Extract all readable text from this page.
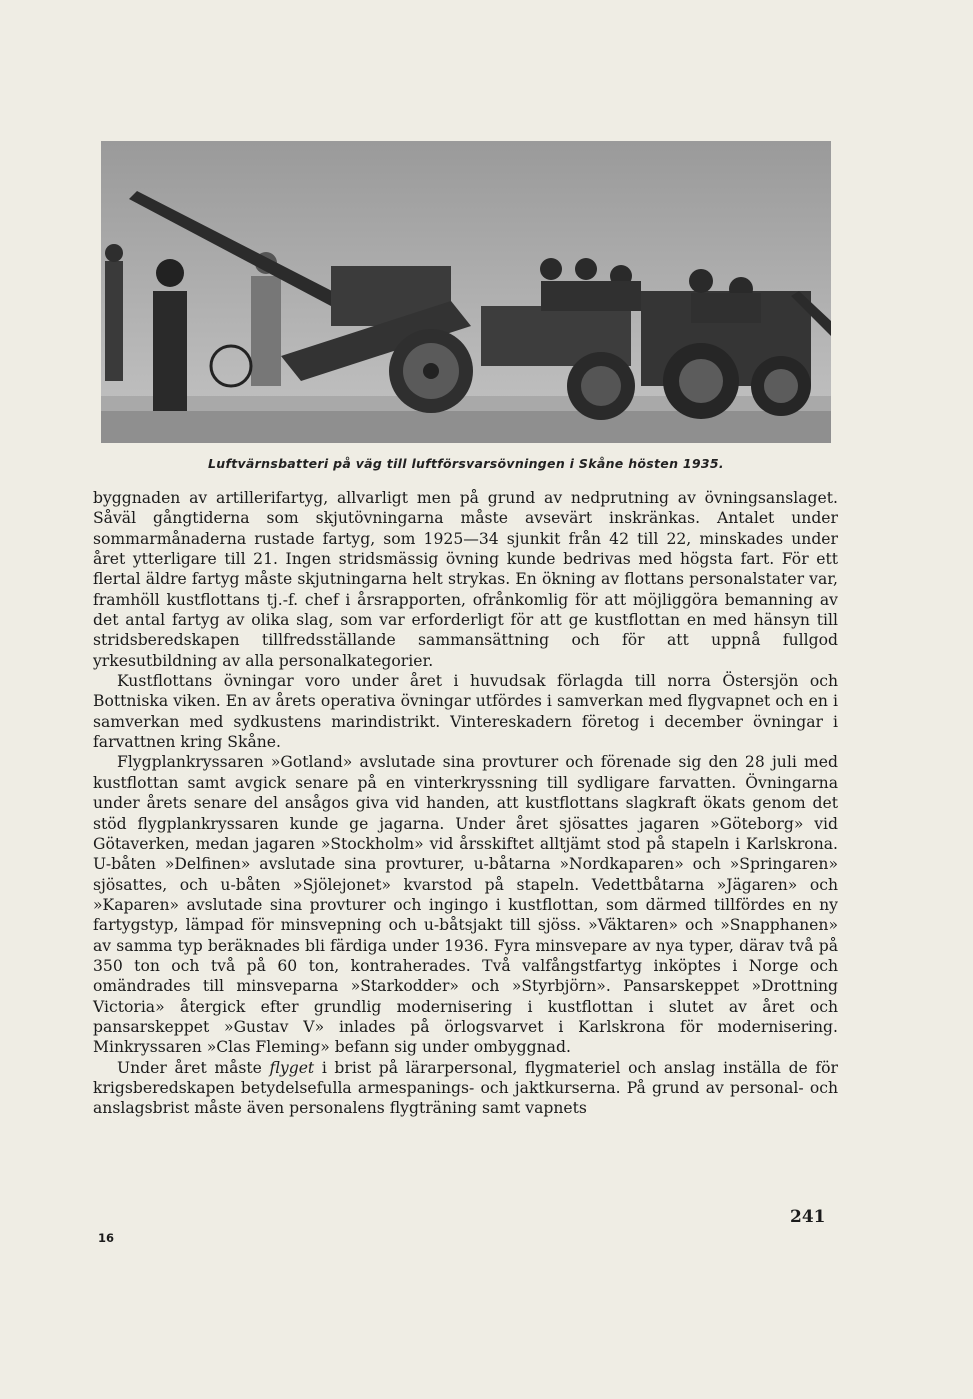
Luftvärnsbatteri på väg till luftförsvarsövningen i Skåne hösten 1935.

byggnaden av artillerifartyg, allvarligt men på grund av nedprutning av övningsanslaget. Såväl gångtiderna som skjutövningarna måste avsevärt inskränkas. Antalet under sommarmånaderna rustade fartyg, som 1925—34 sjunkit från 42 till 22, minskades under året ytterligare till 21. Ingen stridsmässig övning kunde bedrivas med högsta fart. För ett flertal äldre fartyg måste skjutningarna helt strykas. En ökning av flottans personalstater var, framhöll kustflottans tj.-f. chef i årsrapporten, ofrånkomlig för att möjliggöra bemanning av det antal fartyg av olika slag, som var erforderligt för att ge kustflottan en med hänsyn till stridsberedskapen tillfredsställande sammansättning och för att uppnå fullgod yrkesutbildning av alla personalkategorier.

Kustflottans övningar voro under året i huvudsak förlagda till norra Östersjön och Bottniska viken. En av årets operativa övningar utfördes i samverkan med flygvapnet och en i samverkan med sydkustens marindistrikt. Vintereskadern företog i december övningar i farvattnen kring Skåne.

Flygplankryssaren »Gotland» avslutade sina provturer och förenade sig den 28 juli med kustflottan samt avgick senare på en vinterkryssning till sydligare farvatten. Övningarna under årets senare del ansågos giva vid handen, att kustflottans slagkraft ökats genom det stöd flygplankryssaren kunde ge jagarna. Under året sjösattes jagaren »Göteborg» vid Götaverken, medan jagaren »Stockholm» vid årsskiftet alltjämt stod på stapeln i Karlskrona. U-båten »Delfinen» avslutade sina provturer, u-båtarna »Nordkaparen» och »Springaren» sjösattes, och u-båten »Sjölejonet» kvarstod på stapeln. Vedettbåtarna »Jägaren» och »Kaparen» avslutade sina provturer och ingingo i kustflottan, som därmed tillfördes en ny fartygstyp, lämpad för minsvepning och u-båtsjakt till sjöss. »Väktaren» och »Snapphanen» av samma typ beräknades bli färdiga under 1936. Fyra minsvepare av nya typer, därav två på 350 ton och två på 60 ton, kontraherades. Två valfångstfartyg inköptes i Norge och omändrades till minsveparna »Starkodder» och »Styrbjörn». Pansarskeppet »Drottning Victoria» återgick efter grundlig modernisering i kustflottan i slutet av året och pansarskeppet »Gustav V» inlades på örlogsvarvet i Karlskrona för modernisering. Minkryssaren »Clas Fleming» befann sig under ombyggnad.

Under året måste flyget i brist på lärarpersonal, flygmateriel och anslag inställa de för krigsberedskapen betydelsefulla armespanings- och jaktkurserna. På grund av personal- och anslagsbrist måste även personalens flygträning samt vapnets

241
16
